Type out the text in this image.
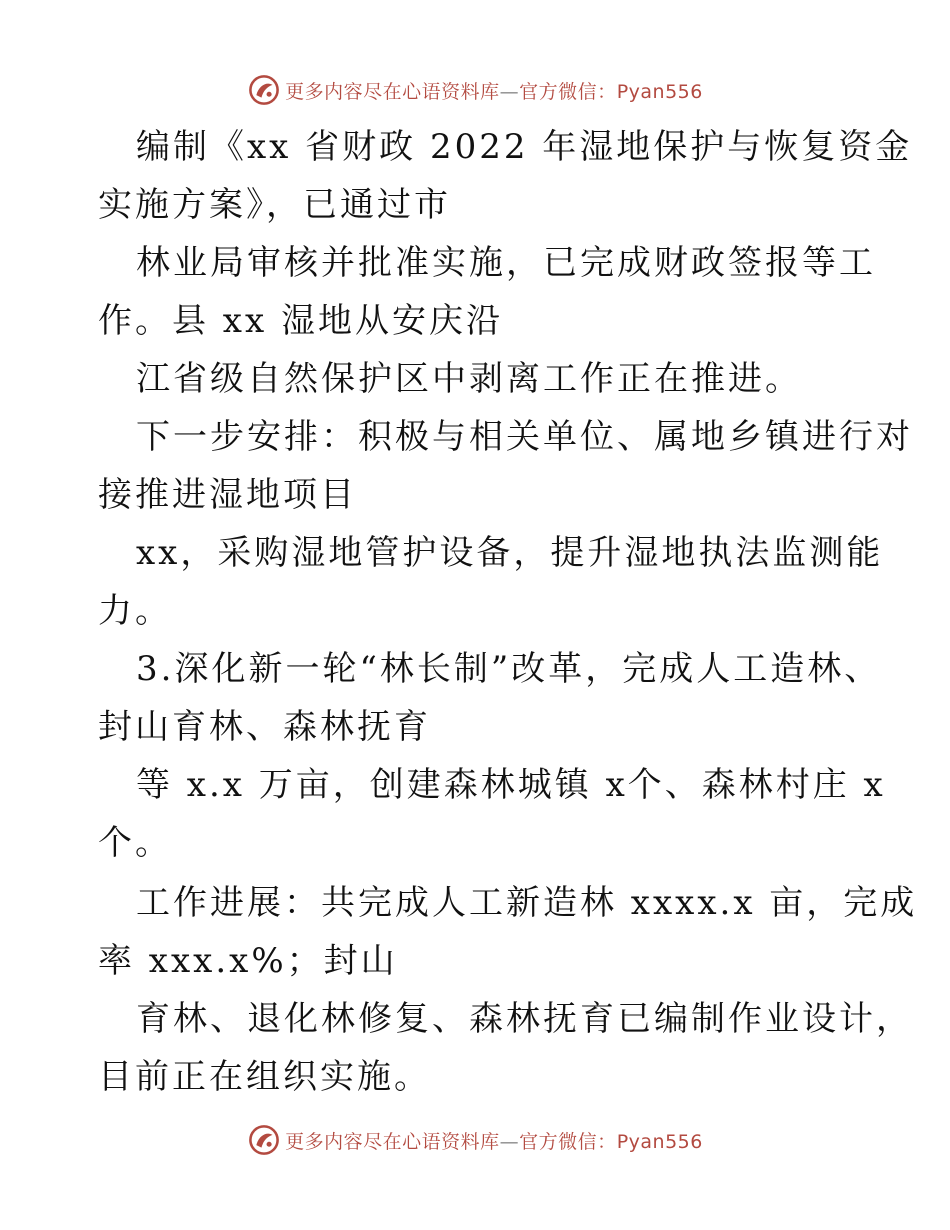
更多内容尽在心语资料库—官方微信：Pyan556
编制《xx 省财政 2022 年湿地保护与恢复资金
实施方案》，已通过市
林业局审核并批准实施，已完成财政签报等工
作。县 xx 湿地从安庆沿
江省级自然保护区中剥离工作正在推进。
下一步安排：积极与相关单位、属地乡镇进行对
接推进湿地项目
xx，采购湿地管护设备，提升湿地执法监测能
力。
3.深化新一轮“林长制”改革，完成人工造林、
封山育林、森林抚育
等 x.x 万亩，创建森林城镇 x个、森林村庄 x
个。
工作进展：共完成人工新造林 xxxx.x 亩，完成
率 xxx.x%；封山
育林、退化林修复、森林抚育已编制作业设计，
目前正在组织实施。
更多内容尽在心语资料库—官方微信：Pyan556
